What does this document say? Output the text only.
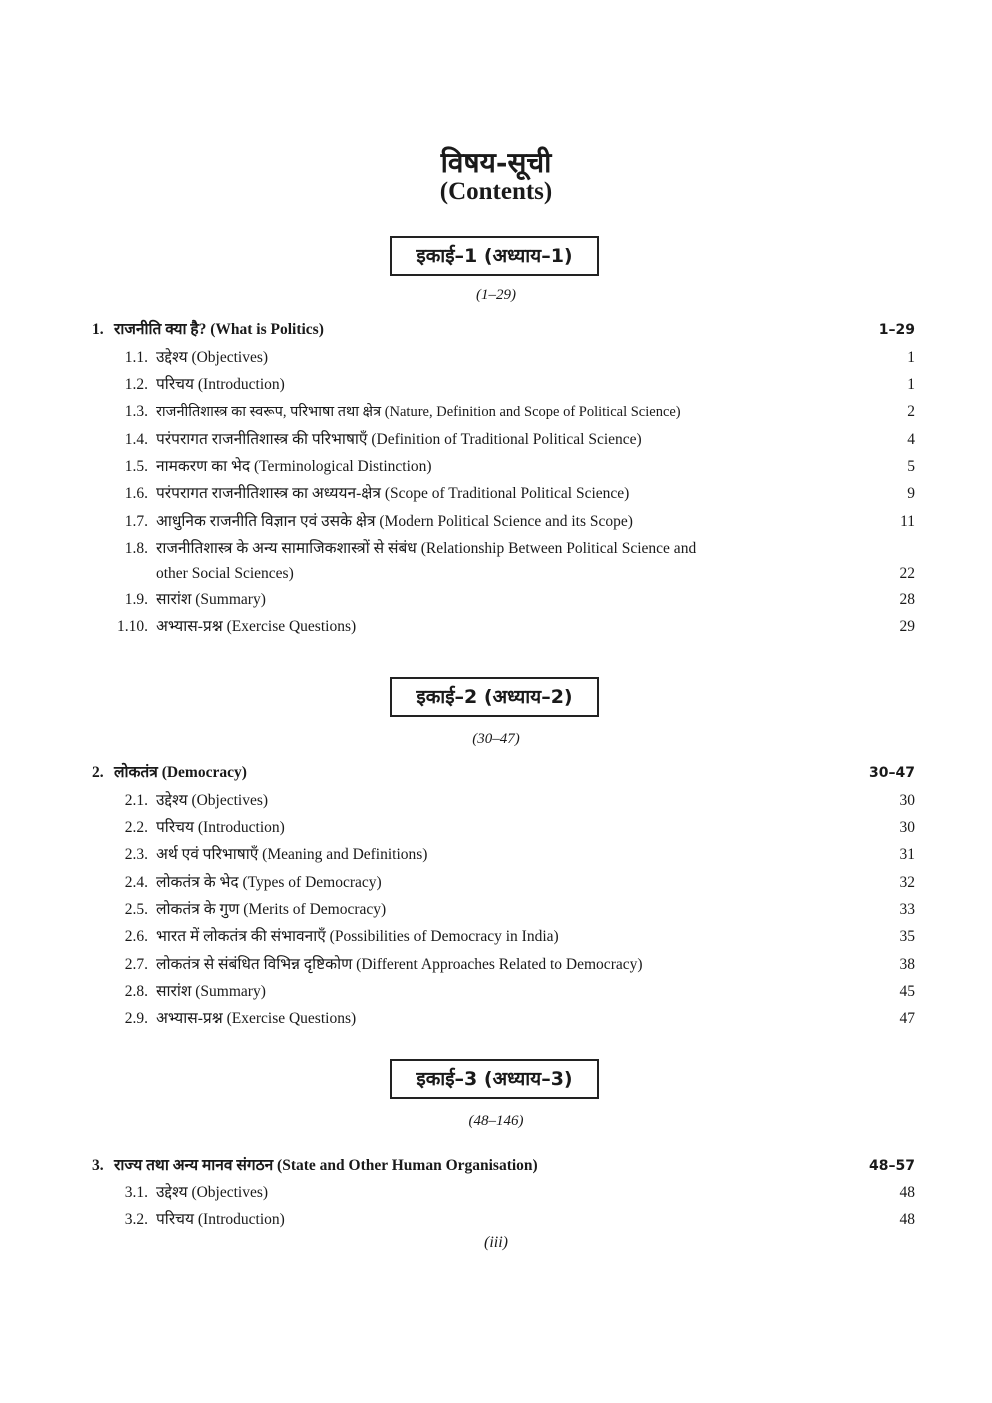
विषय-सूची
(Contents)
इकाई–1 (अध्याय–1)
(1–29)
1. राजनीति क्या है? (What is Politics)	1–29
1.1. उद्देश्य (Objectives)	1
1.2. परिचय (Introduction)	1
1.3. राजनीतिशास्त्र का स्वरूप, परिभाषा तथा क्षेत्र (Nature, Definition and Scope of Political Science)	2
1.4. परंपरागत राजनीतिशास्त्र की परिभाषाएँ (Definition of Traditional Political Science)	4
1.5. नामकरण का भेद (Terminological Distinction)	5
1.6. परंपरागत राजनीतिशास्त्र का अध्ययन-क्षेत्र (Scope of Traditional Political Science)	9
1.7. आधुनिक राजनीति विज्ञान एवं उसके क्षेत्र (Modern Political Science and its Scope)	11
1.8. राजनीतिशास्त्र के अन्य सामाजिकशास्त्रों से संबंध (Relationship Between Political Science and
other Social Sciences)	22
1.9. सारांश (Summary)	28
1.10. अभ्यास-प्रश्न (Exercise Questions)	29
इकाई–2 (अध्याय–2)
(30–47)
2. लोकतंत्र (Democracy)	30–47
2.1. उद्देश्य (Objectives)	30
2.2. परिचय (Introduction)	30
2.3. अर्थ एवं परिभाषाएँ (Meaning and Definitions)	31
2.4. लोकतंत्र के भेद (Types of Democracy)	32
2.5. लोकतंत्र के गुण (Merits of Democracy)	33
2.6. भारत में लोकतंत्र की संभावनाएँ (Possibilities of Democracy in India)	35
2.7. लोकतंत्र से संबंधित विभिन्न दृष्टिकोण (Different Approaches Related to Democracy)	38
2.8. सारांश (Summary)	45
2.9. अभ्यास-प्रश्न (Exercise Questions)	47
इकाई–3 (अध्याय–3)
(48–146)
3. राज्य तथा अन्य मानव संगठन (State and Other Human Organisation)	48–57
3.1. उद्देश्य (Objectives)	48
3.2. परिचय (Introduction)	48
(iii)
